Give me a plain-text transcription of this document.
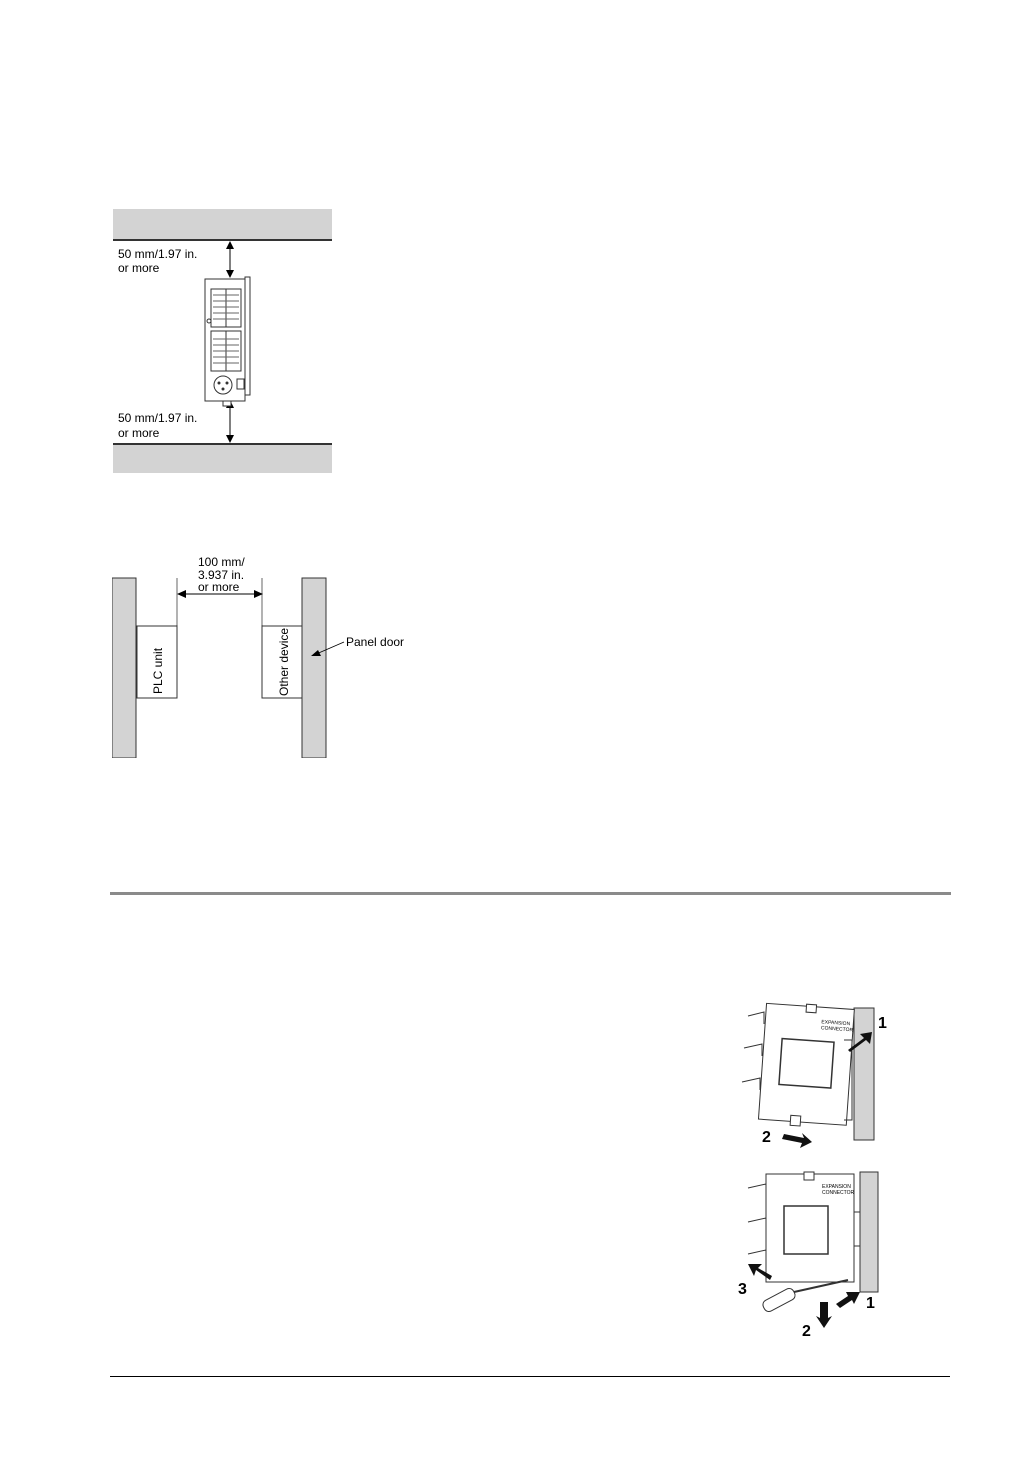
50 mm/1.97 in.
or more
50 mm/1.97 in.
or more
PLC unit	Other device
100 mm/
3.937 in.
or more
Panel door
EXPANSION
CONNECTOR 1
2
EXPANSION
CONNECTOR
1
2
3
